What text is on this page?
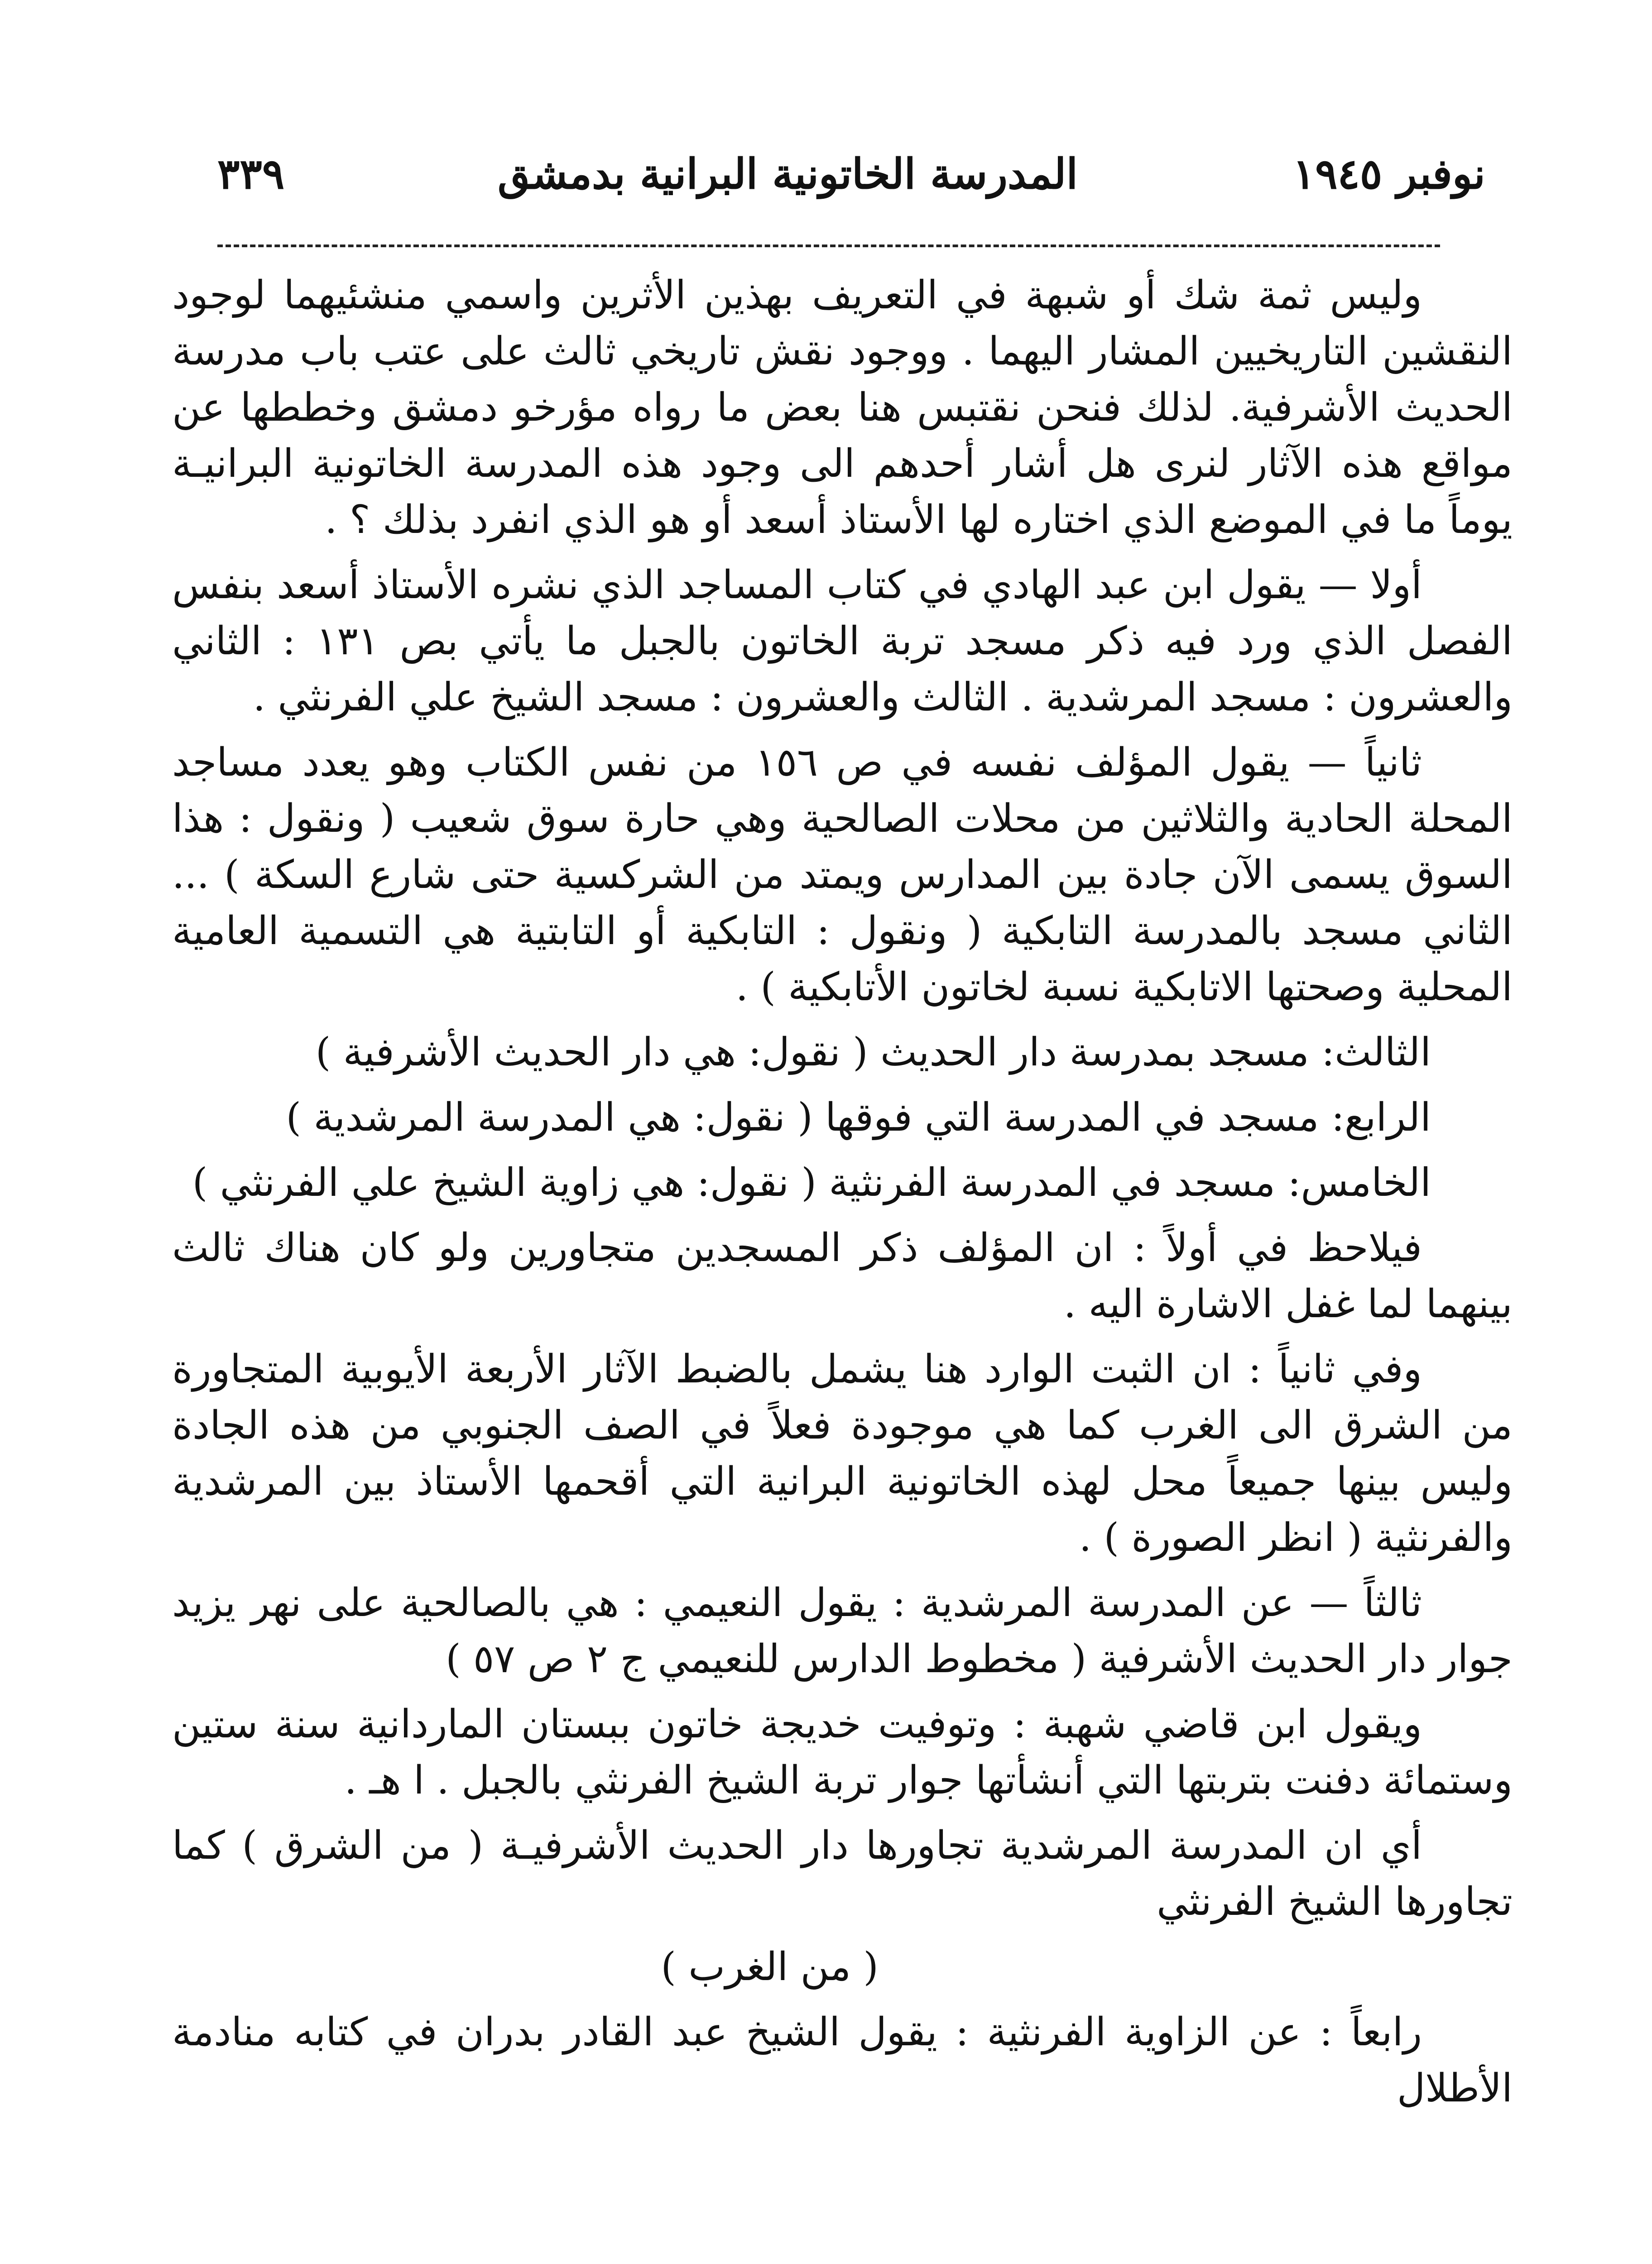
نوفبر ١٩٤٥
المدرسة الخاتونية البرانية بدمشق
٣٣٩

وليس ثمة شك أو شبهة في التعريف بهذين الأثرين واسمي منشئيهما لوجود النقشين التاريخيين المشار اليهما . ووجود نقش تاريخي ثالث على عتب باب مدرسة الحديث الأشرفية. لذلك فنحن نقتبس هنا بعض ما رواه مؤرخو دمشق وخططها عن مواقع هذه الآثار لنرى هل أشار أحدهم الى وجود هذه المدرسة الخاتونية البرانيـة يوماً ما في الموضع الذي اختاره لها الأستاذ أسعد أو هو الذي انفرد بذلك ؟ .

أولا — يقول ابن عبد الهادي في كتاب المساجد الذي نشره الأستاذ أسعد بنفس الفصل الذي ورد فيه ذكر مسجد تربة الخاتون بالجبل ما يأتي بص ١٣١ : الثاني والعشرون : مسجد المرشدية . الثالث والعشرون : مسجد الشيخ علي الفرنثي .

ثانياً — يقول المؤلف نفسه في ص ١٥٦ من نفس الكتاب وهو يعدد مساجد المحلة الحادية والثلاثين من محلات الصالحية وهي حارة سوق شعيب ( ونقول : هذا السوق يسمى الآن جادة بين المدارس ويمتد من الشركسية حتى شارع السكة ) ... الثاني مسجد بالمدرسة التابكية ( ونقول : التابكية أو التابتية هي التسمية العامية المحلية وصحتها الاتابكية نسبة لخاتون الأتابكية ) .

الثالث: مسجد بمدرسة دار الحديث ( نقول: هي دار الحديث الأشرفية )

الرابع: مسجد في المدرسة التي فوقها ( نقول: هي المدرسة المرشدية )

الخامس: مسجد في المدرسة الفرنثية ( نقول: هي زاوية الشيخ علي الفرنثي )

فيلاحظ في أولاً : ان المؤلف ذكر المسجدين متجاورين ولو كان هناك ثالث بينهما لما غفل الاشارة اليه .

وفي ثانياً : ان الثبت الوارد هنا يشمل بالضبط الآثار الأربعة الأيوبية المتجاورة من الشرق الى الغرب كما هي موجودة فعلاً في الصف الجنوبي من هذه الجادة وليس بينها جميعاً محل لهذه الخاتونية البرانية التي أقحمها الأستاذ بين المرشدية والفرنثية ( انظر الصورة ) .

ثالثاً — عن المدرسة المرشدية : يقول النعيمي : هي بالصالحية على نهر يزيد جوار دار الحديث الأشرفية ( مخطوط الدارس للنعيمي ج ٢ ص ٥٧ )

ويقول ابن قاضي شهبة : وتوفيت خديجة خاتون ببستان الماردانية سنة ستين وستمائة دفنت بتربتها التي أنشأتها جوار تربة الشيخ الفرنثي بالجبل . ا هـ .

أي ان المدرسة المرشدية تجاورها دار الحديث الأشرفيـة ( من الشرق ) كما تجاورها الشيخ الفرنثي

( من الغرب )

رابعاً : عن الزاوية الفرنثية : يقول الشيخ عبد القادر بدران في كتابه منادمة الأطلال
